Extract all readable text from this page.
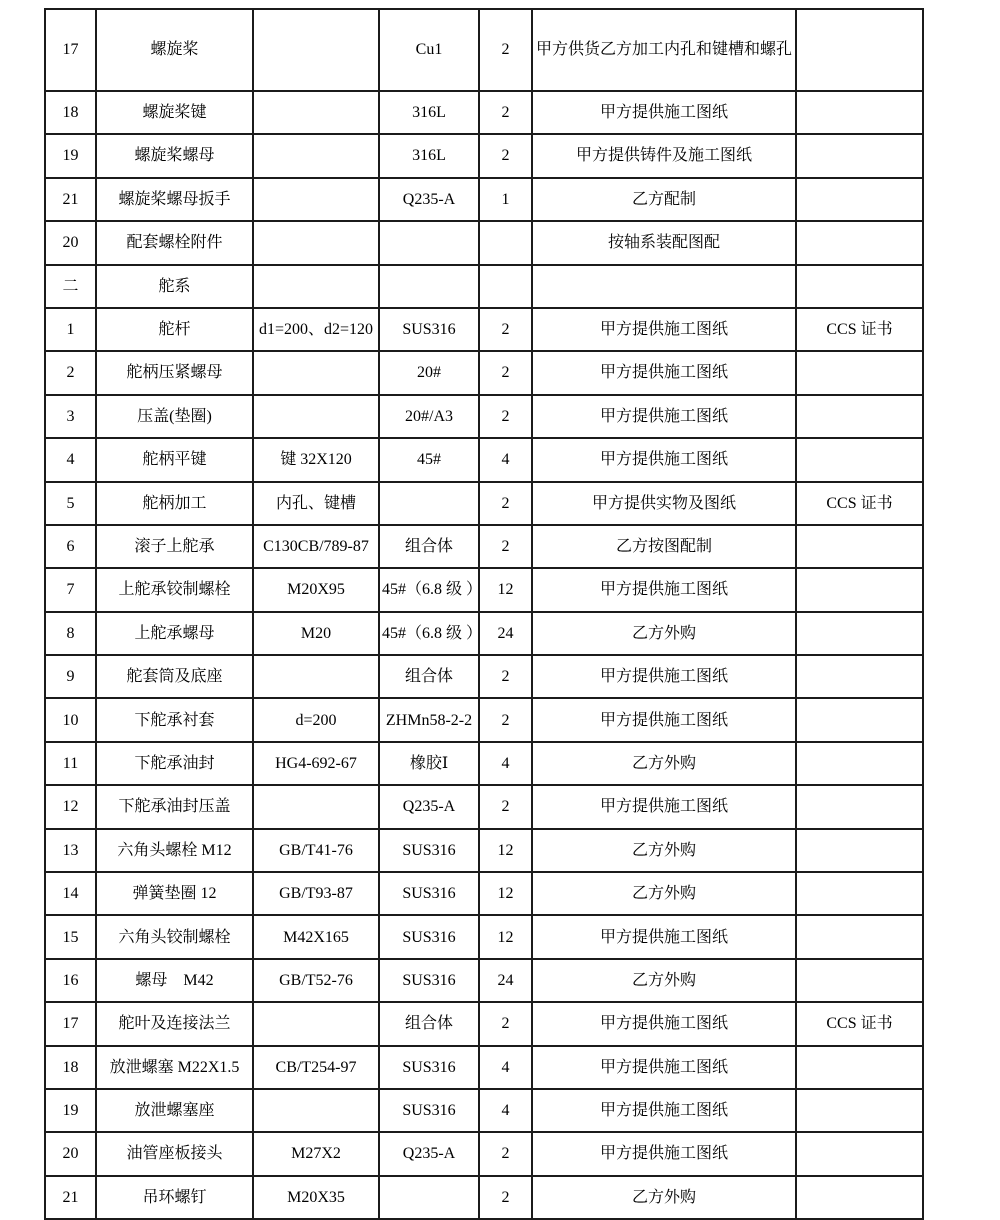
17	螺旋桨		Cu1	2	甲方供货乙方加工内孔和键槽和螺孔	
18	螺旋桨键		316L	2	甲方提供施工图纸	
19	螺旋桨螺母		316L	2	甲方提供铸件及施工图纸	
21	螺旋桨螺母扳手		Q235-A	1	乙方配制	
20	配套螺栓附件				按轴系装配图配	
二	舵系					
1	舵杆	d1=200、d2=120	SUS316	2	甲方提供施工图纸	CCS 证书
2	舵柄压紧螺母		20#	2	甲方提供施工图纸	
3	压盖(垫圈)		20#/A3	2	甲方提供施工图纸	
4	舵柄平键	键 32X120	45#	4	甲方提供施工图纸	
5	舵柄加工	内孔、键槽		2	甲方提供实物及图纸	CCS 证书
6	滚子上舵承	C130CB/789-87	组合体	2	乙方按图配制	
7	上舵承铰制螺栓	M20X95	45#（6.8 级 ）	12	甲方提供施工图纸	
8	上舵承螺母	M20	45#（6.8 级 ）	24	乙方外购	
9	舵套筒及底座		组合体	2	甲方提供施工图纸	
10	下舵承衬套	d=200	ZHMn58-2-2	2	甲方提供施工图纸	
11	下舵承油封	HG4-692-67	橡胶Ⅰ	4	乙方外购	
12	下舵承油封压盖		Q235-A	2	甲方提供施工图纸	
13	六角头螺栓 M12	GB/T41-76	SUS316	12	乙方外购	
14	弹簧垫圈 12	GB/T93-87	SUS316	12	乙方外购	
15	六角头铰制螺栓	M42X165	SUS316	12	甲方提供施工图纸	
16	螺母　M42	GB/T52-76	SUS316	24	乙方外购	
17	舵叶及连接法兰		组合体	2	甲方提供施工图纸	CCS 证书
18	放泄螺塞 M22X1.5	CB/T254-97	SUS316	4	甲方提供施工图纸	
19	放泄螺塞座		SUS316	4	甲方提供施工图纸	
20	油管座板接头	M27X2	Q235-A	2	甲方提供施工图纸	
21	吊环螺钉	M20X35		2	乙方外购	
